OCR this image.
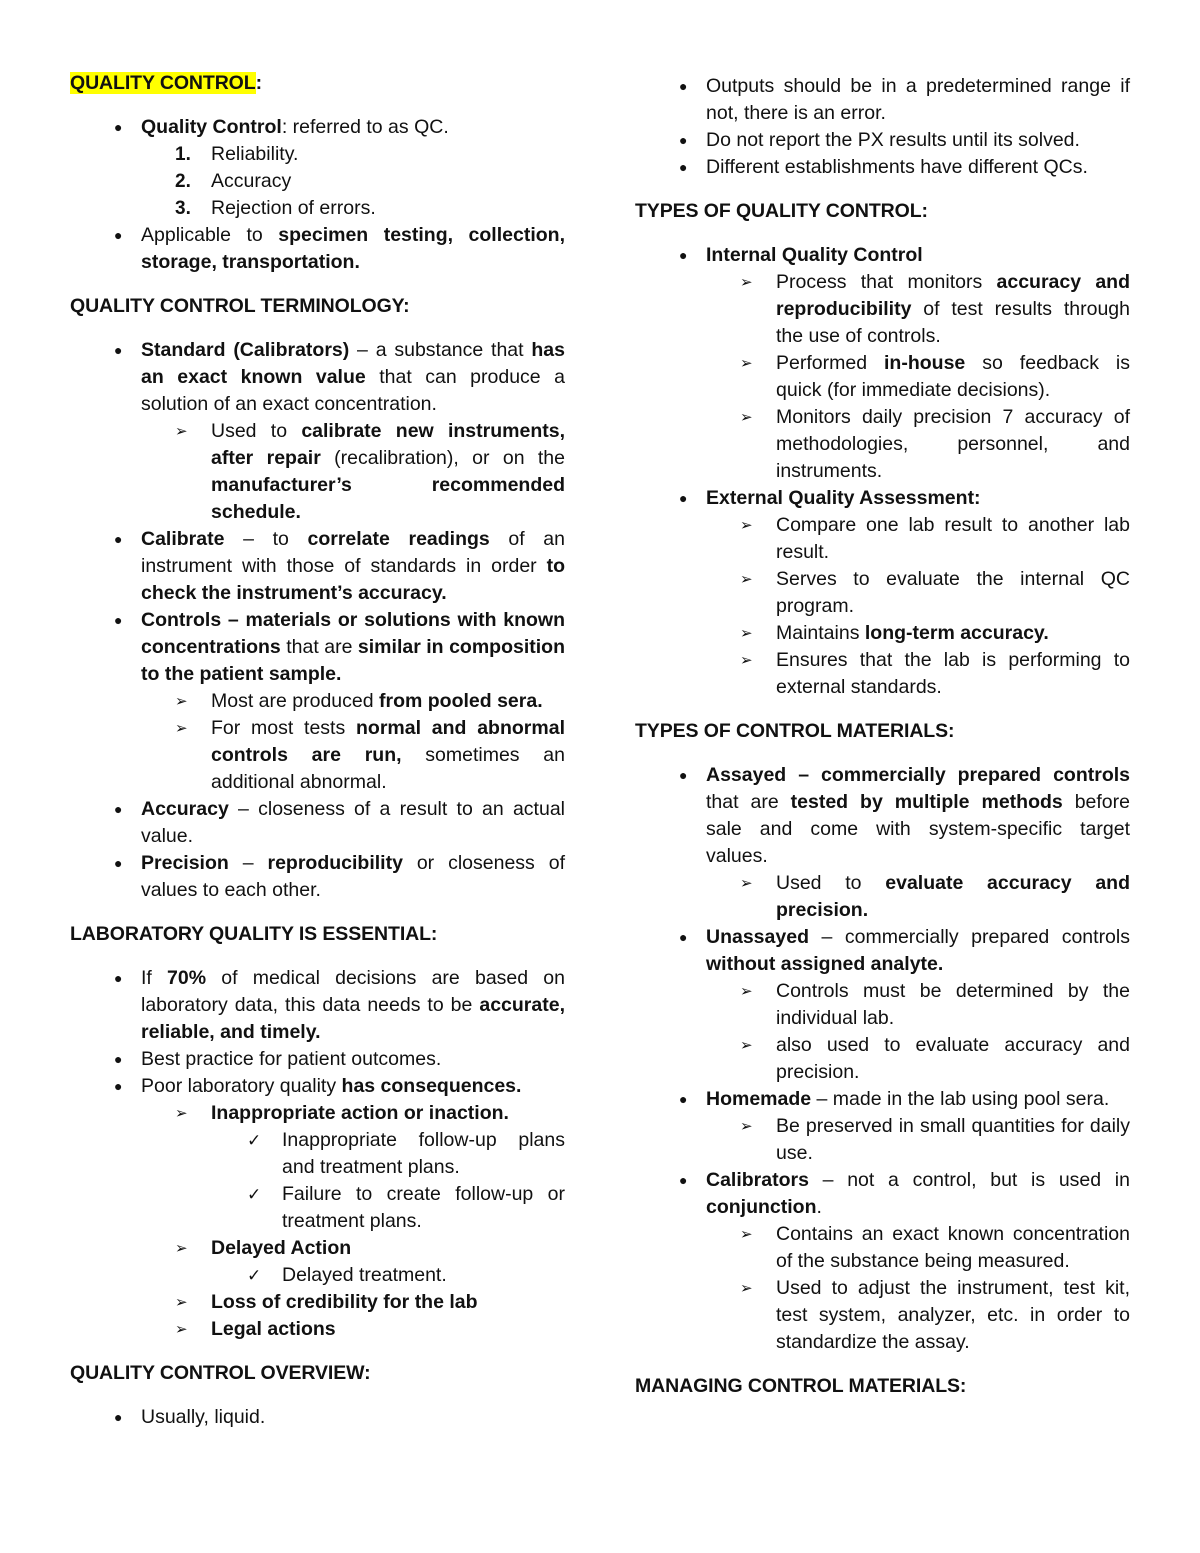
QUALITY CONTROL:
● Quality Control: referred to as QC.
1. Reliability.
2. Accuracy
3. Rejection of errors.
● Applicable to specimen testing, collection, storage, transportation.
QUALITY CONTROL TERMINOLOGY:
● Standard (Calibrators) – a substance that has an exact known value that can produce a solution of an exact concentration.
➢	Used to calibrate new instruments, after repair (recalibration), or on the manufacturer’s recommended schedule.
● Calibrate – to correlate readings of an instrument with those of standards in order to check the instrument’s accuracy.
● Controls – materials or solutions with known concentrations that are similar in composition to the patient sample.
➢	Most are produced from pooled sera.
➢	For most tests normal and abnormal controls are run, sometimes an additional abnormal.
● Accuracy – closeness of a result to an actual value.
● Precision – reproducibility or closeness of values to each other.
LABORATORY QUALITY IS ESSENTIAL:
● If 70% of medical decisions are based on laboratory data, this data needs to be accurate, reliable, and timely.
● Best practice for patient outcomes.
● Poor laboratory quality has consequences.
➢	Inappropriate action or inaction.
✓ Inappropriate follow-up plans and treatment plans.
✓ Failure to create follow-up or treatment plans.
➢	Delayed Action
✓ Delayed treatment.
➢	Loss of credibility for the lab
➢	Legal actions
QUALITY CONTROL OVERVIEW:
● Usually, liquid.
● Outputs should be in a predetermined range if not, there is an error.
● Do not report the PX results until its solved.
● Different establishments have different QCs.
TYPES OF QUALITY CONTROL:
● Internal Quality Control
➢	Process that monitors accuracy and reproducibility of test results through the use of controls.
➢	Performed in-house so feedback is quick (for immediate decisions).
➢	Monitors daily precision 7 accuracy of methodologies, personnel, and instruments.
● External Quality Assessment:
➢	Compare one lab result to another lab result.
➢	Serves to evaluate the internal QC program.
➢	Maintains long-term accuracy.
➢	Ensures that the lab is performing to external standards.
TYPES OF CONTROL MATERIALS:
● Assayed – commercially prepared controls that are tested by multiple methods before sale and come with system-specific target values.
➢	Used to evaluate accuracy and precision.
● Unassayed – commercially prepared controls without assigned analyte.
➢	Controls must be determined by the individual lab.
➢	also used to evaluate accuracy and precision.
● Homemade – made in the lab using pool sera.
➢	Be preserved in small quantities for daily use.
● Calibrators – not a control, but is used in conjunction.
➢	Contains an exact known concentration of the substance being measured.
➢	Used to adjust the instrument, test kit, test system, analyzer, etc. in order to standardize the assay.
MANAGING CONTROL MATERIALS:
